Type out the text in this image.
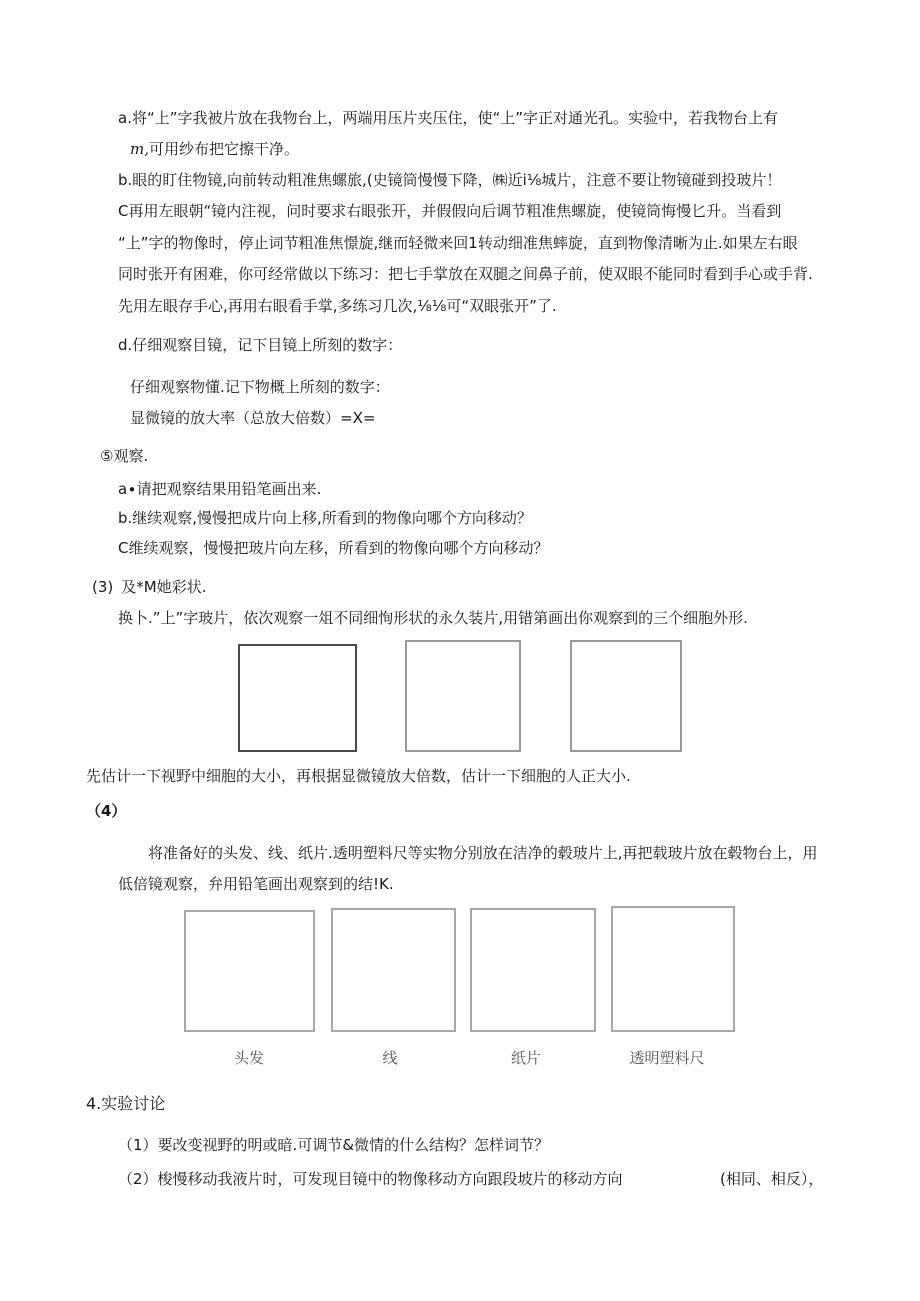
a.将“上”字我被片放在我物台上，两端用压片夹压住，使“上”字正对通光孔。实验中，若我物台上有
m,可用纱布把它擦干净。
b.眼的盯住物镜,向前转动粗准焦螺旅,(史镜筒慢慢下降，㈱近i⅛城片，注意不要让物镜碰到投玻片！
C再用左眼朝“镜内注视，问时要求右眼张开，并假假向后调节粗准焦螺旋，使镜筒悔慢匕升。当看到
“上”字的物像时，停止词节粗准焦憬旋,继而轻微来回1转动细准焦蟀旋，直到物像清晰为止.如果左右眼
同时张开有困难，你可经常做以下练习：把七手掌放在双腿之间鼻子前，使双眼不能同时看到手心或手背.
先用左眼存手心,再用右眼看手掌,多练习几次,⅛⅛可“双眼张开”了.
d.仔细观察目镜，记下目镜上所刻的数字：
仔细观察物懂.记下物概上所刻的数字：
显微镜的放大率（总放大倍数）=X=
⑤观察.
a∙请把观察结果用铅笔画出来.
b.继续观察,慢慢把成片向上移,所看到的物像向哪个方向移动？
C维续观察，慢慢把玻片向左移，所看到的物像向哪个方向移动？
(3) 及*M她彩状.
换卜.”上”字玻片，依次观察一俎不同细恂形状的永久装片,用错第画出你观察到的三个细胞外形.
先估计一下视野中细胞的大小，再根据显微镜放大倍数，估计一下细胞的人正大小.
（4）
将准备好的头发、线、纸片.透明塑料尺等实物分别放在洁净的毂玻片上,再把载玻片放在毂物台上，用
低倍镜观察，弁用铅笔画出观察到的结!K.
头发	线	纸片	透明塑料尺
4.实验讨论
（1）要改变视野的明或暗.可调节&微情的什么结构？怎样词节？
（2）梭慢移动我液片时，可发现目镜中的物像移动方向跟段坡片的移动方向	(相同、相反），
